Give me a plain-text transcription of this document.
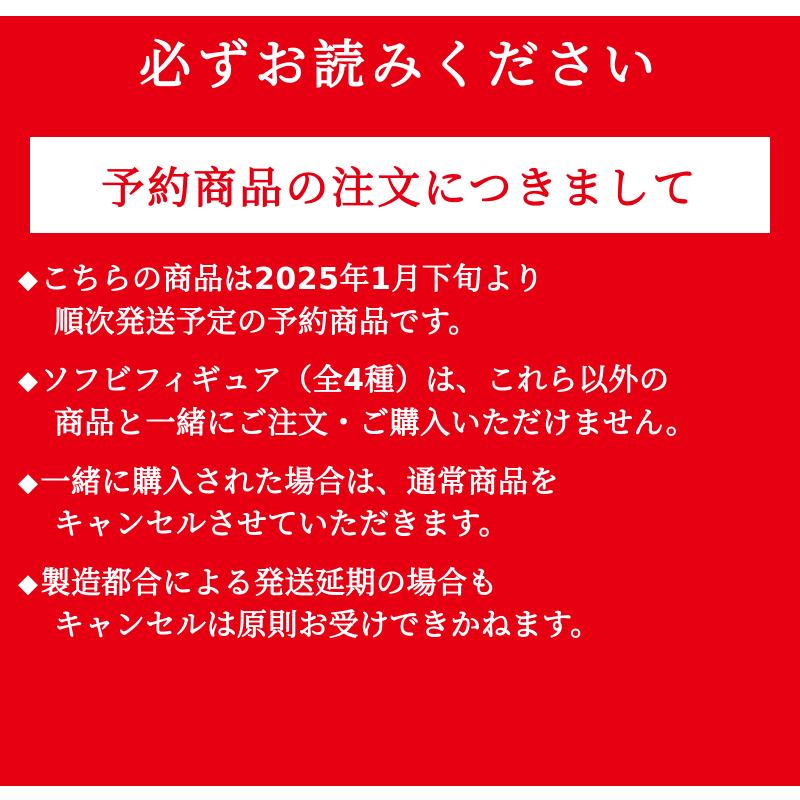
必ずお読みください
予約商品の注文につきまして
◆こちらの商品は2025年1月下旬より
順次発送予定の予約商品です。
◆ソフビフィギュア（全4種）は、これら以外の
商品と一緒にご注文・ご購入いただけません。
◆一緒に購入された場合は、通常商品を
キャンセルさせていただきます。
◆製造都合による発送延期の場合も
キャンセルは原則お受けできかねます。
